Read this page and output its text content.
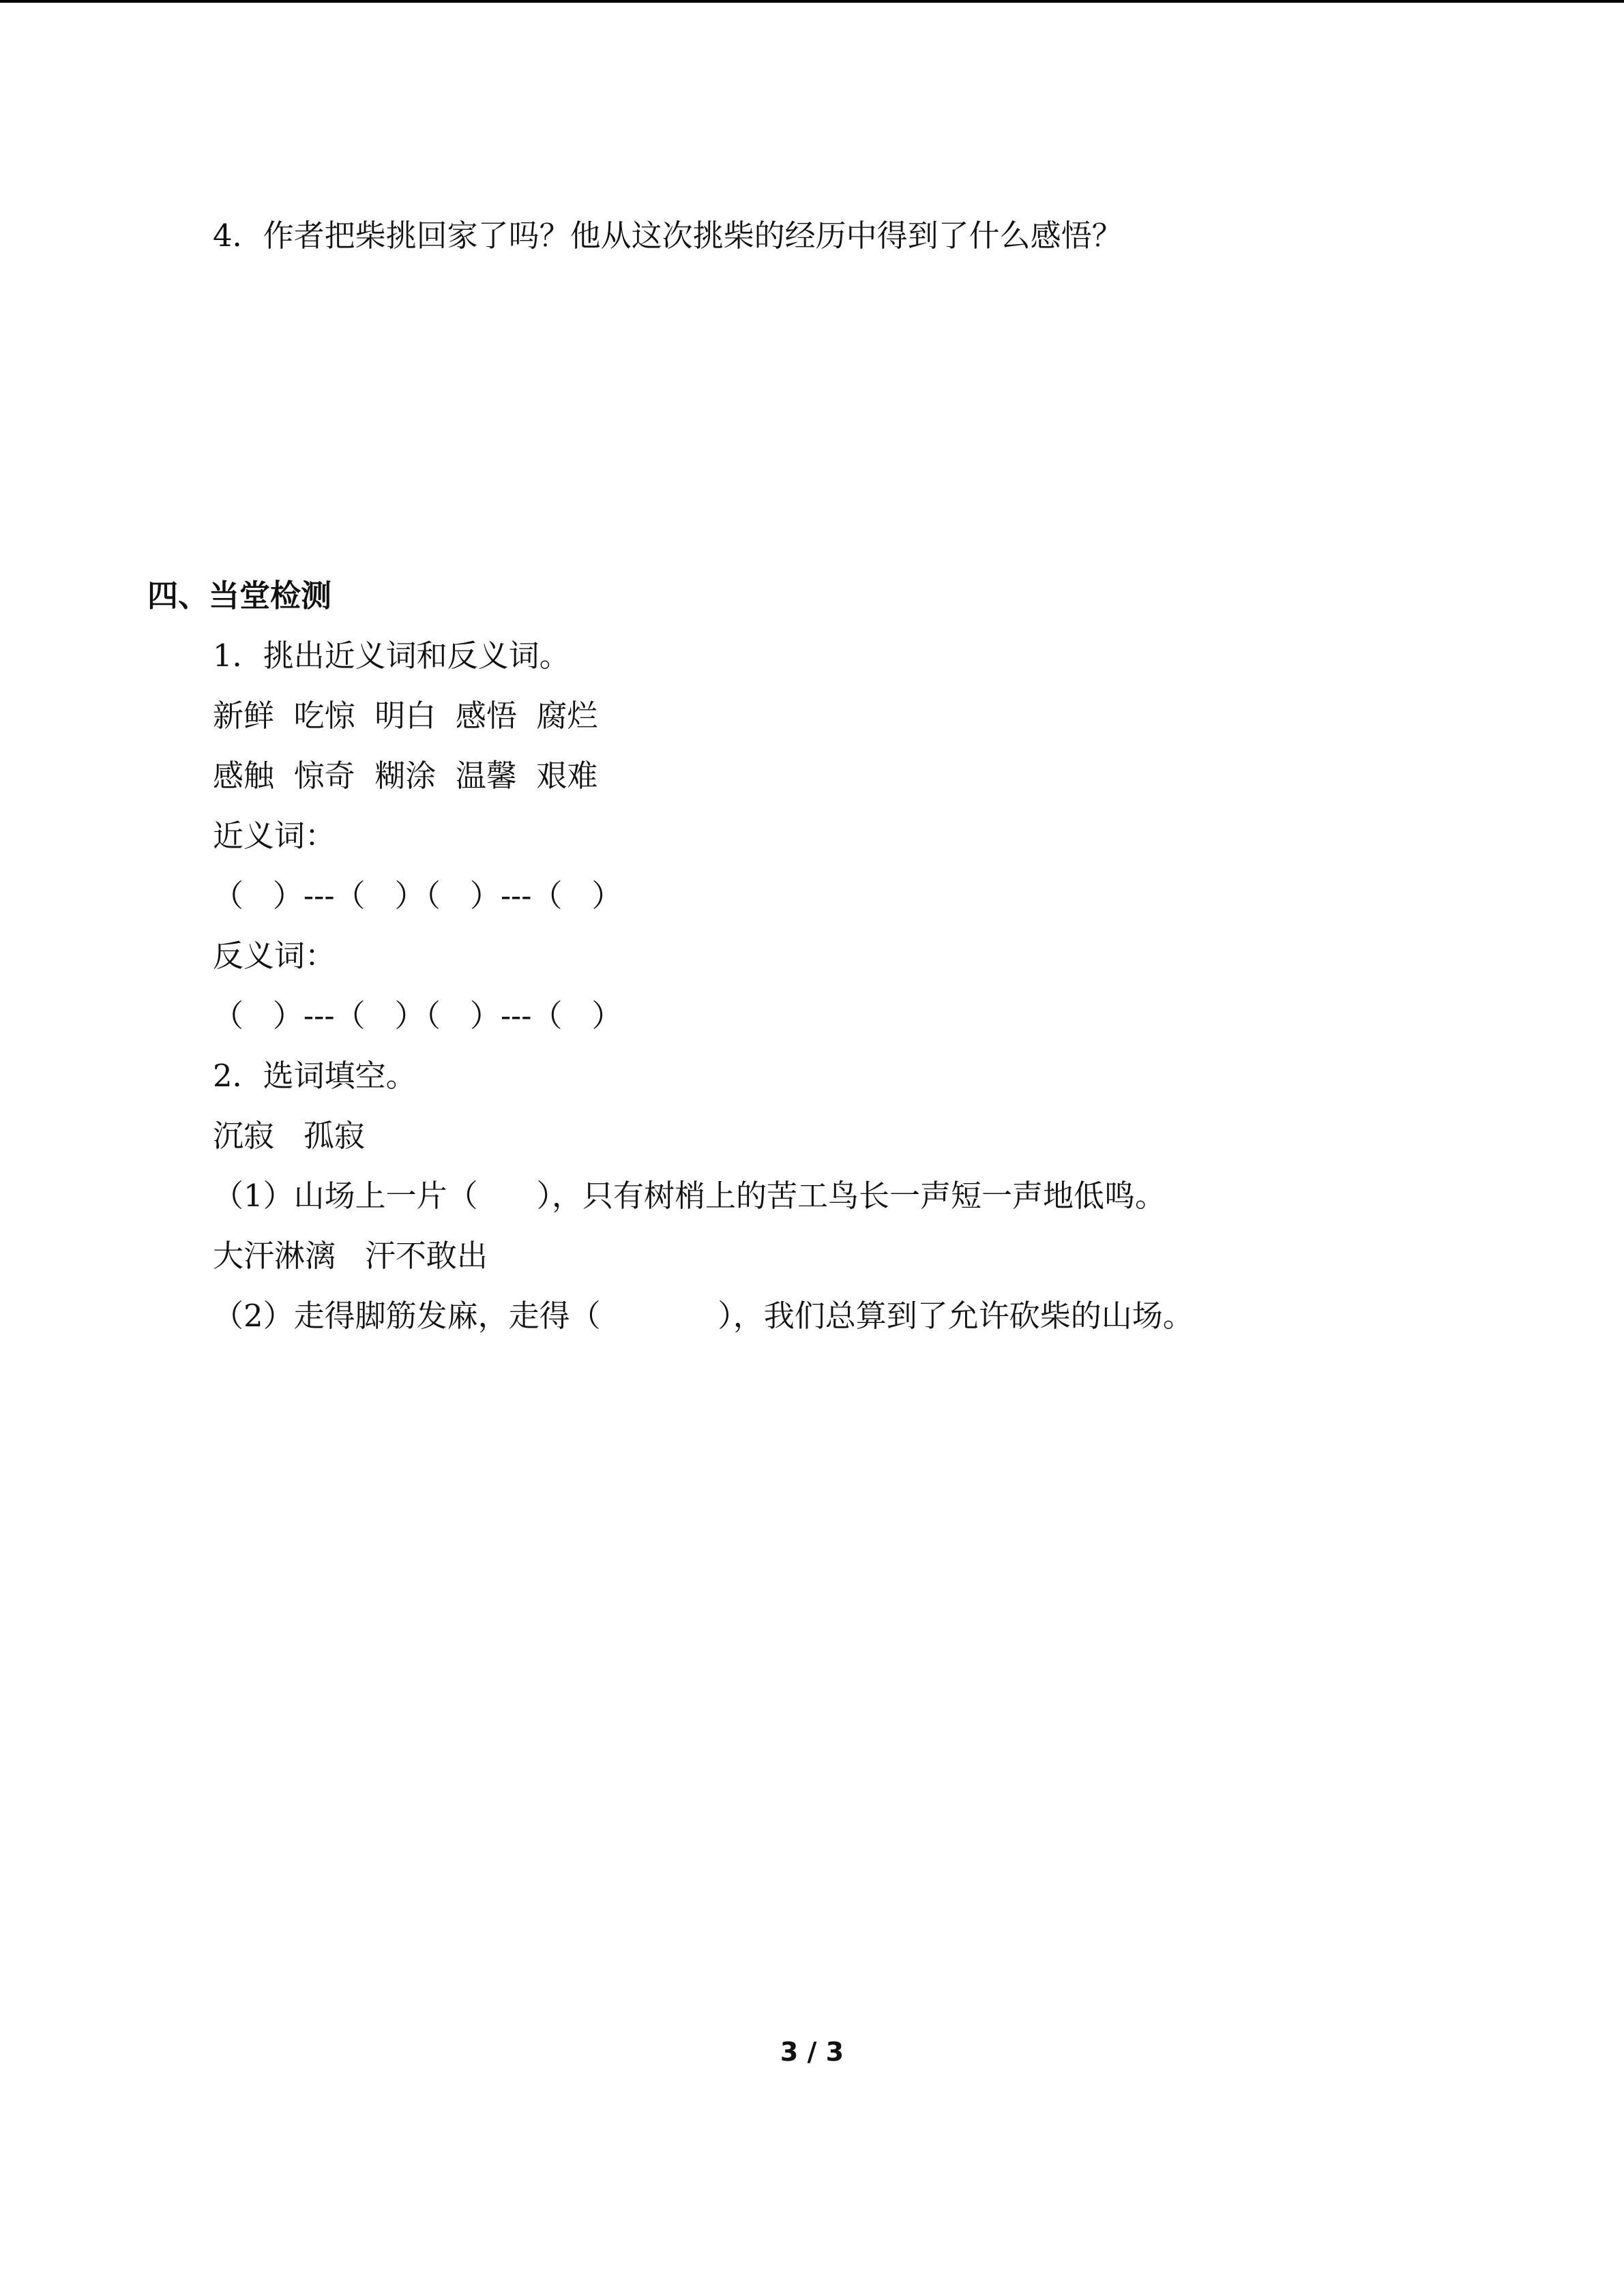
4．作者把柴挑回家了吗？他从这次挑柴的经历中得到了什么感悟？
四、当堂检测
1．挑出近义词和反义词。
新鲜  吃惊  明白  感悟  腐烂
感触  惊奇  糊涂  温馨  艰难
近义词：
（   ）---（   ）（   ）---（   ）
反义词：
（   ）---（   ）（   ）---（   ）
2．选词填空。
沉寂   孤寂
（1）山场上一片（      ），只有树梢上的苦工鸟长一声短一声地低鸣。
大汗淋漓   汗不敢出
（2）走得脚筋发麻，走得（            ），我们总算到了允许砍柴的山场。
3 / 3
